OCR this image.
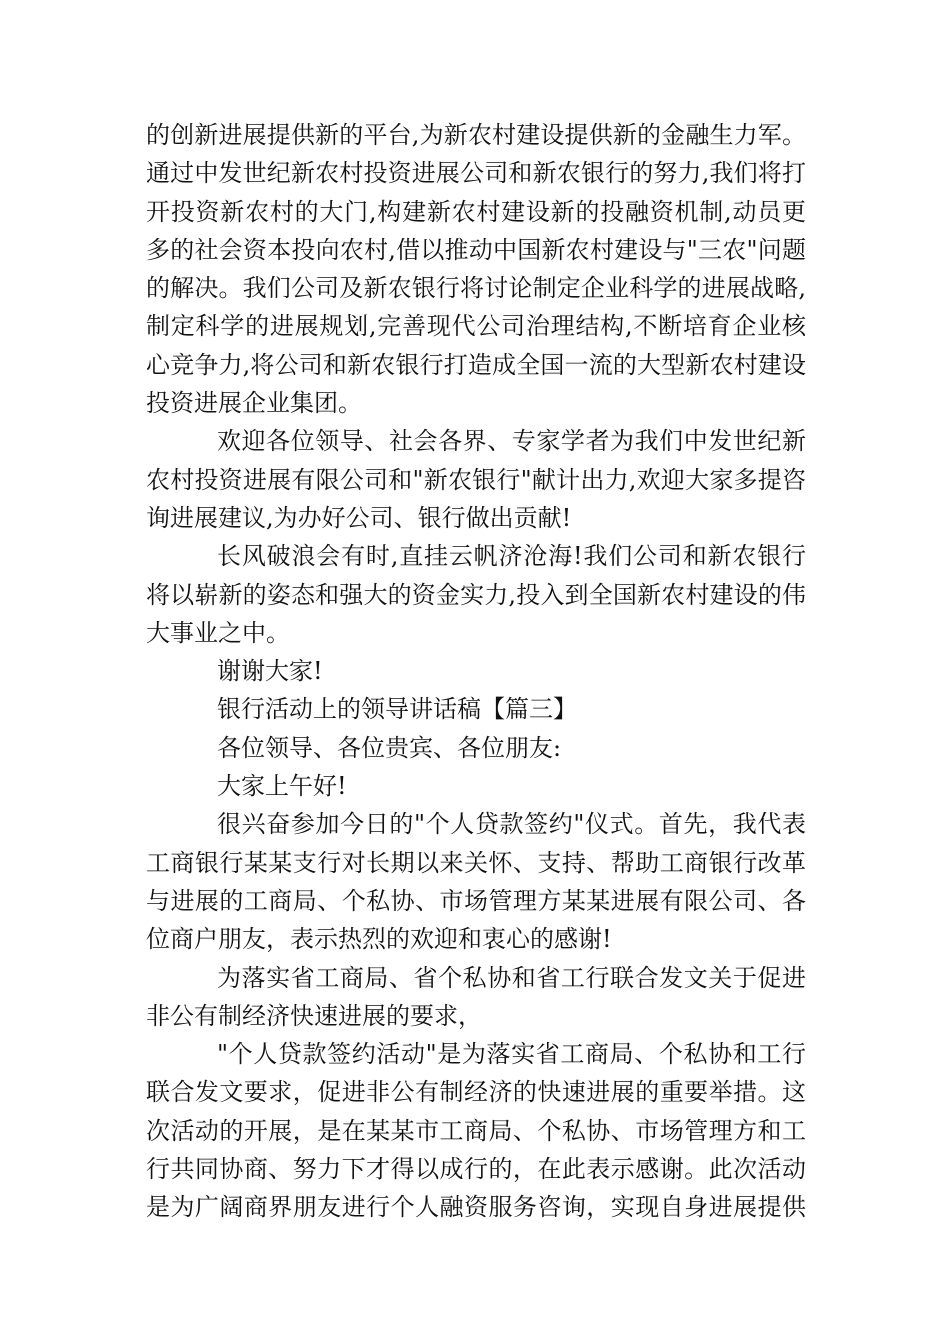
的创新进展提供新的平台,为新农村建设提供新的金融生力军。
通过中发世纪新农村投资进展公司和新农银行的努力,我们将打
开投资新农村的大门,构建新农村建设新的投融资机制,动员更
多的社会资本投向农村,借以推动中国新农村建设与"三农"问题
的解决。我们公司及新农银行将讨论制定企业科学的进展战略,
制定科学的进展规划,完善现代公司治理结构,不断培育企业核
心竞争力,将公司和新农银行打造成全国一流的大型新农村建设
投资进展企业集团。
欢迎各位领导、社会各界、专家学者为我们中发世纪新
农村投资进展有限公司和"新农银行"献计出力,欢迎大家多提咨
询进展建议,为办好公司、银行做出贡献!
长风破浪会有时,直挂云帆济沧海!我们公司和新农银行
将以崭新的姿态和强大的资金实力,投入到全国新农村建设的伟
大事业之中。
谢谢大家!
银行活动上的领导讲话稿【篇三】
各位领导、各位贵宾、各位朋友:
大家上午好!
很兴奋参加今日的"个人贷款签约"仪式。首先，我代表
工商银行某某支行对长期以来关怀、支持、帮助工商银行改革
与进展的工商局、个私协、市场管理方某某进展有限公司、各
位商户朋友，表示热烈的欢迎和衷心的感谢!
为落实省工商局、省个私协和省工行联合发文关于促进
非公有制经济快速进展的要求，
"个人贷款签约活动"是为落实省工商局、个私协和工行
联合发文要求，促进非公有制经济的快速进展的重要举措。这
次活动的开展，是在某某市工商局、个私协、市场管理方和工
行共同协商、努力下才得以成行的，在此表示感谢。此次活动
是为广阔商界朋友进行个人融资服务咨询，实现自身进展提供
